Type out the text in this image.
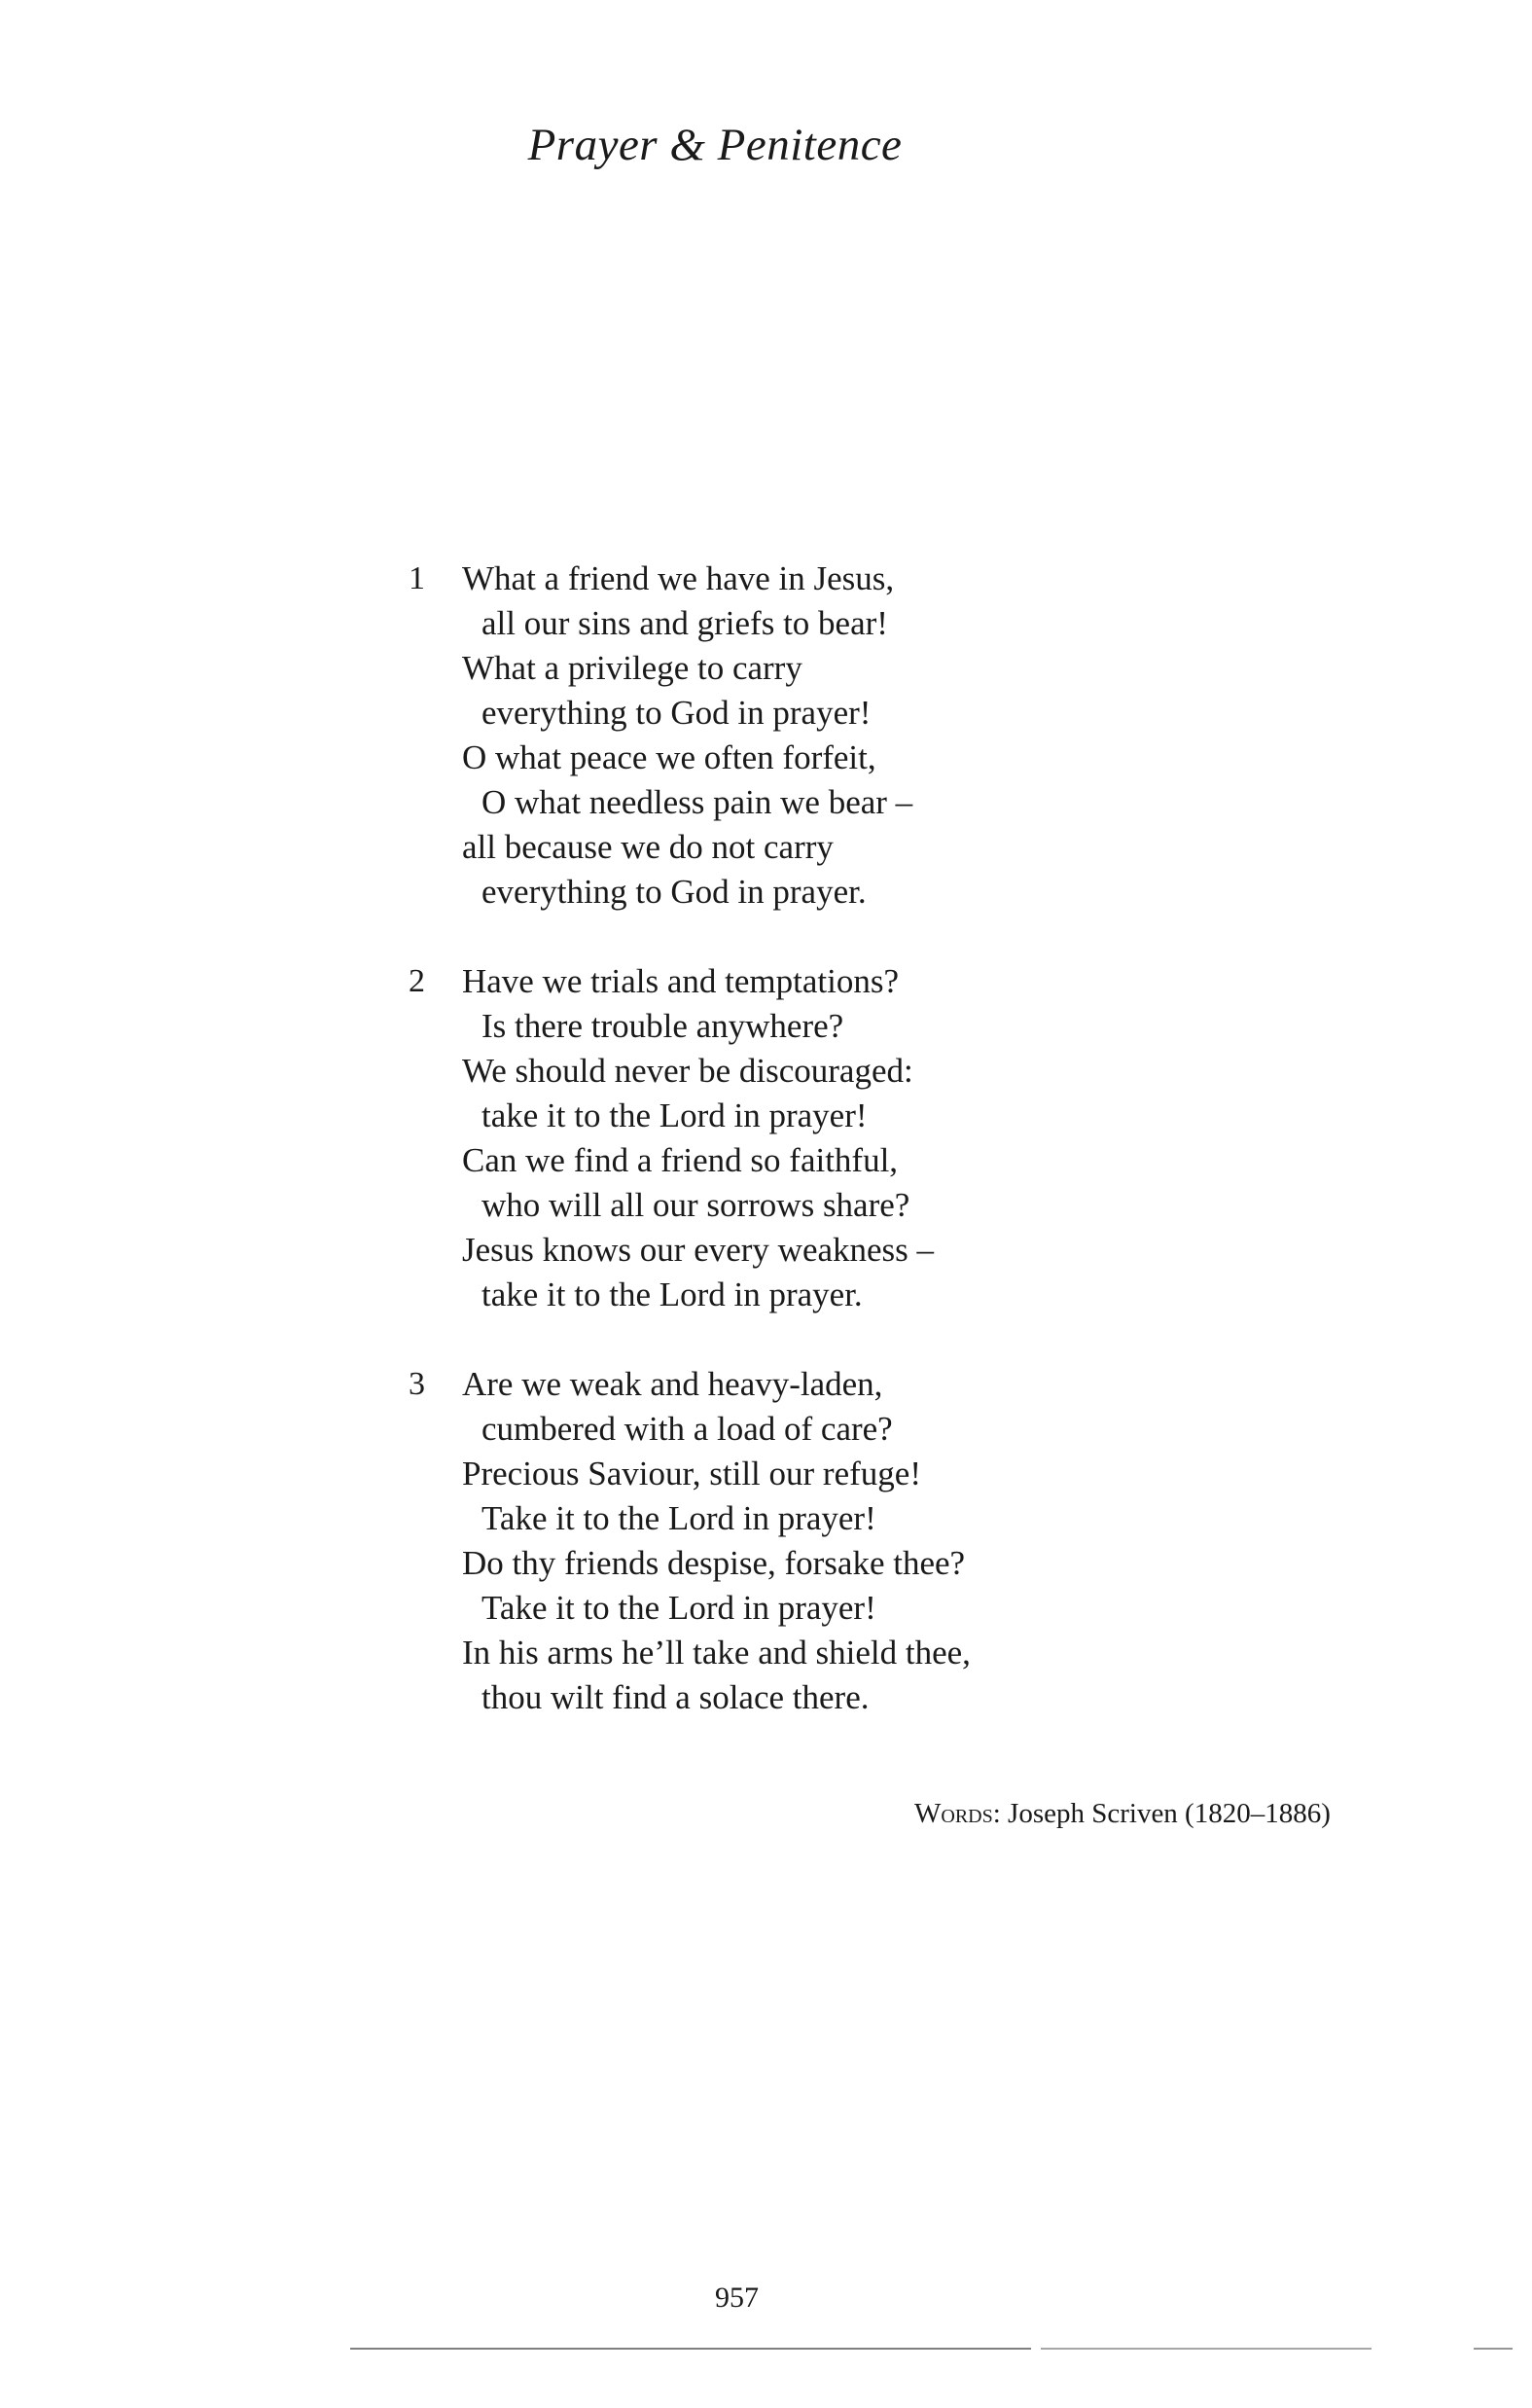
Prayer & Penitence
1 What a friend we have in Jesus,
all our sins and griefs to bear!
What a privilege to carry
everything to God in prayer!
O what peace we often forfeit,
O what needless pain we bear –
all because we do not carry
everything to God in prayer.
2 Have we trials and temptations?
Is there trouble anywhere?
We should never be discouraged:
take it to the Lord in prayer!
Can we find a friend so faithful,
who will all our sorrows share?
Jesus knows our every weakness –
take it to the Lord in prayer.
3 Are we weak and heavy-laden,
cumbered with a load of care?
Precious Saviour, still our refuge!
Take it to the Lord in prayer!
Do thy friends despise, forsake thee?
Take it to the Lord in prayer!
In his arms he’ll take and shield thee,
thou wilt find a solace there.
Words: Joseph Scriven (1820–1886)
957
